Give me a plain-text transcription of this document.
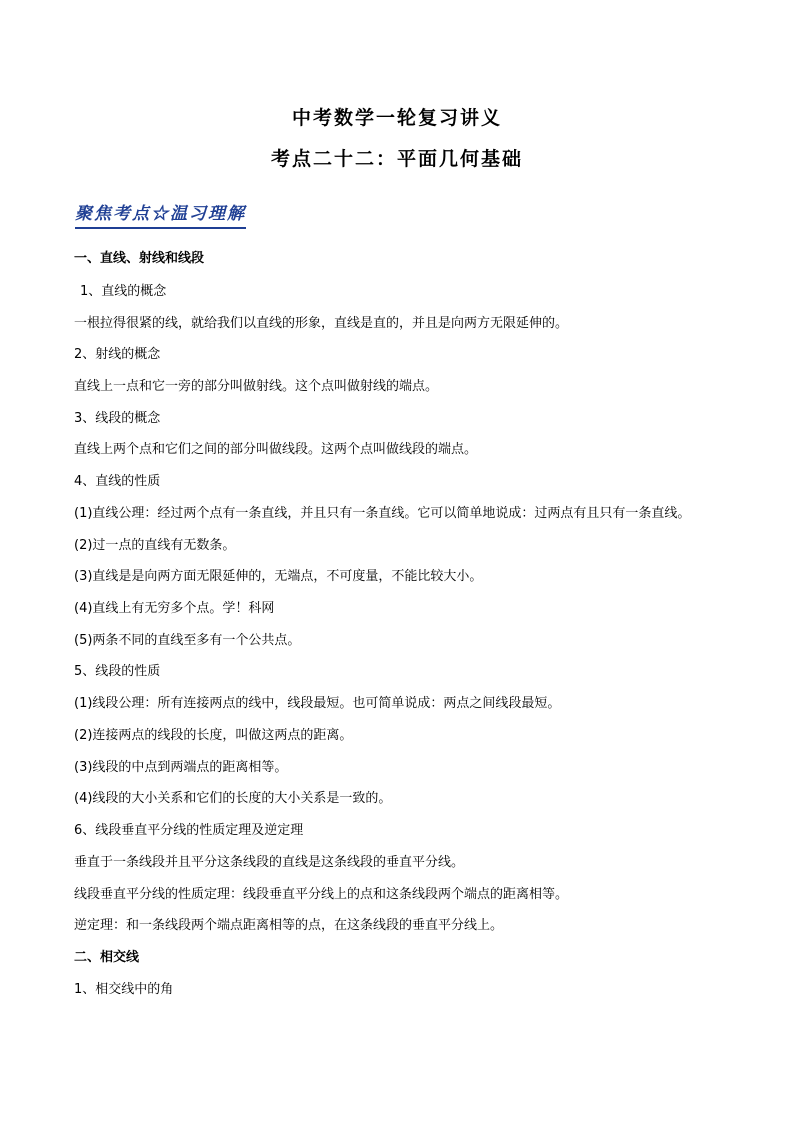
中考数学一轮复习讲义
考点二十二：平面几何基础
聚焦考点☆温习理解
一、直线、射线和线段
1、直线的概念
一根拉得很紧的线，就给我们以直线的形象，直线是直的，并且是向两方无限延伸的。
2、射线的概念
直线上一点和它一旁的部分叫做射线。这个点叫做射线的端点。
3、线段的概念
直线上两个点和它们之间的部分叫做线段。这两个点叫做线段的端点。
4、直线的性质
(1)直线公理：经过两个点有一条直线，并且只有一条直线。它可以简单地说成：过两点有且只有一条直线。
(2)过一点的直线有无数条。
(3)直线是是向两方面无限延伸的，无端点，不可度量，不能比较大小。
(4)直线上有无穷多个点。学！科网
(5)两条不同的直线至多有一个公共点。
5、线段的性质
(1)线段公理：所有连接两点的线中，线段最短。也可简单说成：两点之间线段最短。
(2)连接两点的线段的长度，叫做这两点的距离。
(3)线段的中点到两端点的距离相等。
(4)线段的大小关系和它们的长度的大小关系是一致的。
6、线段垂直平分线的性质定理及逆定理
垂直于一条线段并且平分这条线段的直线是这条线段的垂直平分线。
线段垂直平分线的性质定理：线段垂直平分线上的点和这条线段两个端点的距离相等。
逆定理：和一条线段两个端点距离相等的点，在这条线段的垂直平分线上。
二、相交线
1、相交线中的角
